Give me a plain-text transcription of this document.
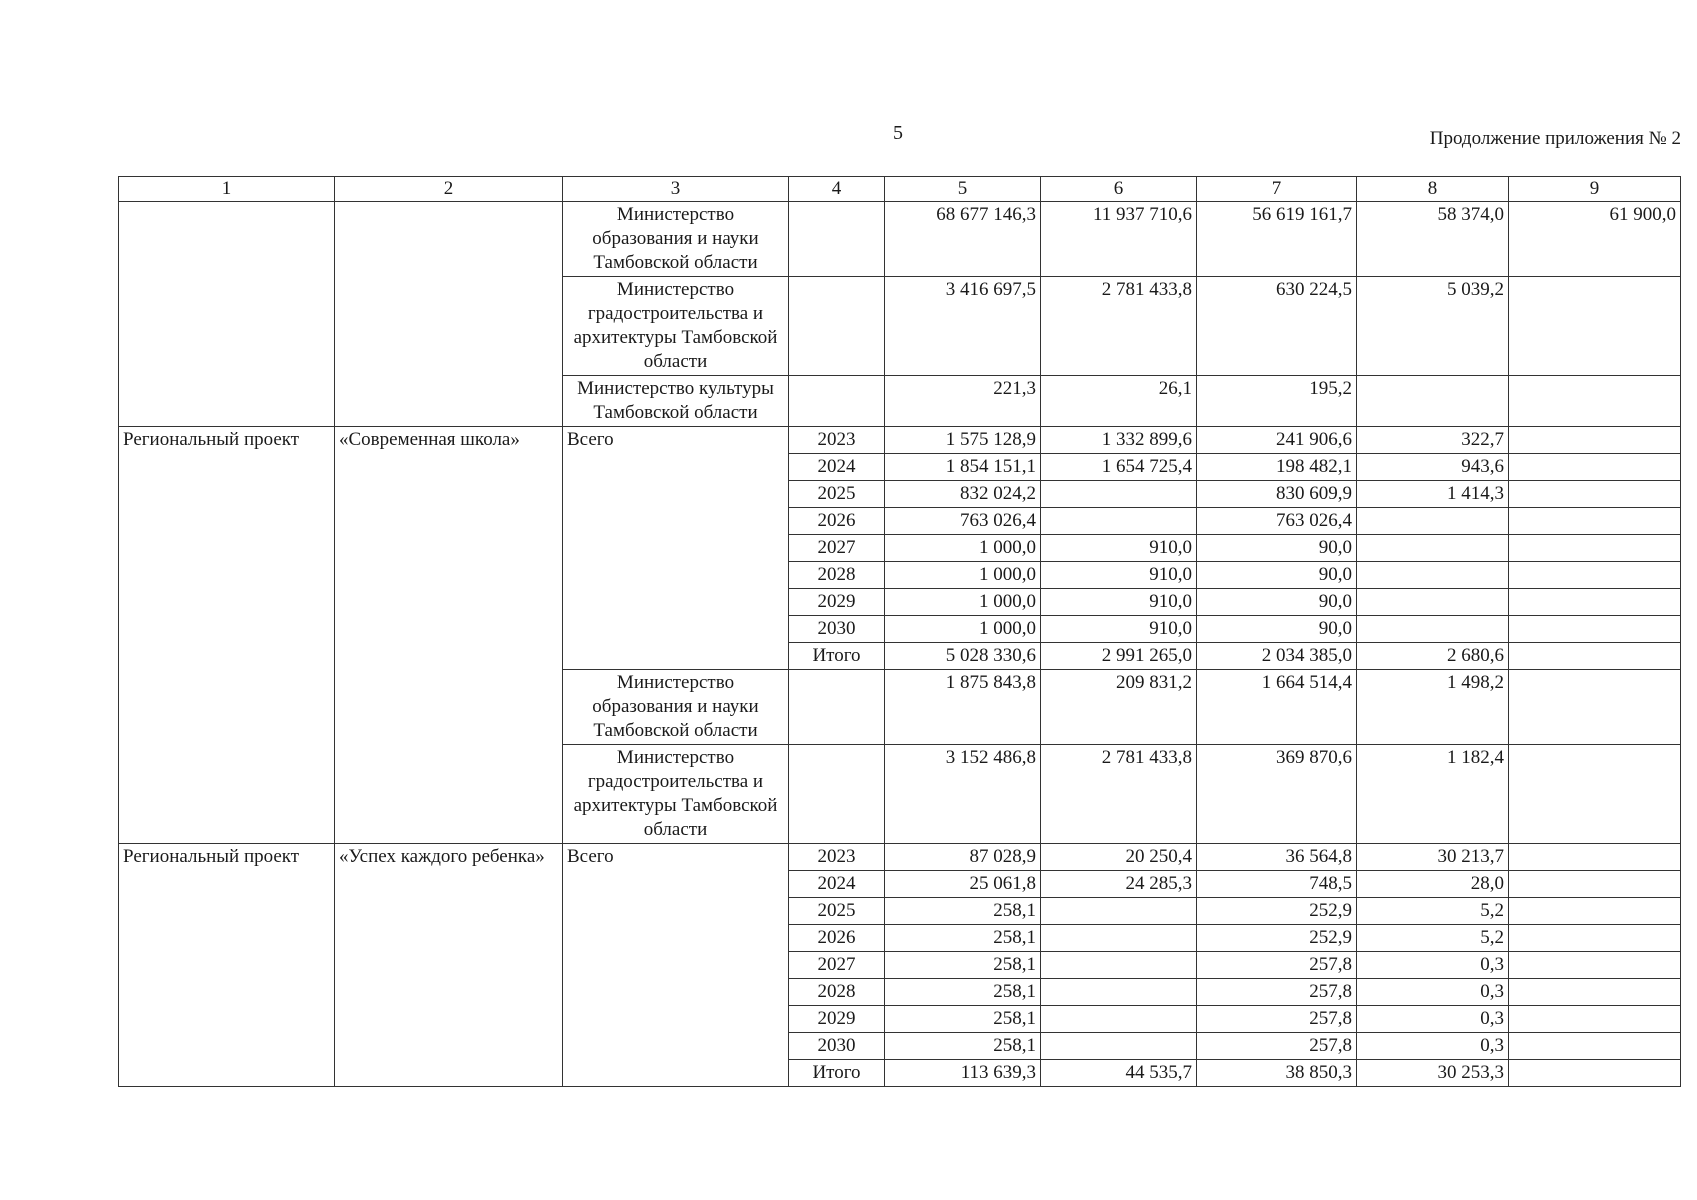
5	Продолжение приложения № 2
1	2	3	4	5	6	7	8	9
		Министерство образования и науки Тамбовской области		68 677 146,3	11 937 710,6	56 619 161,7	58 374,0	61 900,0
		Министерство градостроительства и архитектуры Тамбовской области		3 416 697,5	2 781 433,8	630 224,5	5 039,2	
		Министерство культуры Тамбовской области		221,3	26,1	195,2		
Региональный проект	«Современная школа»	Всего	2023	1 575 128,9	1 332 899,6	241 906,6	322,7	
			2024	1 854 151,1	1 654 725,4	198 482,1	943,6	
			2025	832 024,2		830 609,9	1 414,3	
			2026	763 026,4		763 026,4		
			2027	1 000,0	910,0	90,0		
			2028	1 000,0	910,0	90,0		
			2029	1 000,0	910,0	90,0		
			2030	1 000,0	910,0	90,0		
			Итого	5 028 330,6	2 991 265,0	2 034 385,0	2 680,6	
		Министерство образования и науки Тамбовской области		1 875 843,8	209 831,2	1 664 514,4	1 498,2	
		Министерство градостроительства и архитектуры Тамбовской области		3 152 486,8	2 781 433,8	369 870,6	1 182,4	
Региональный проект	«Успех каждого ребенка»	Всего	2023	87 028,9	20 250,4	36 564,8	30 213,7	
			2024	25 061,8	24 285,3	748,5	28,0	
			2025	258,1		252,9	5,2	
			2026	258,1		252,9	5,2	
			2027	258,1		257,8	0,3	
			2028	258,1		257,8	0,3	
			2029	258,1		257,8	0,3	
			2030	258,1		257,8	0,3	
			Итого	113 639,3	44 535,7	38 850,3	30 253,3	
